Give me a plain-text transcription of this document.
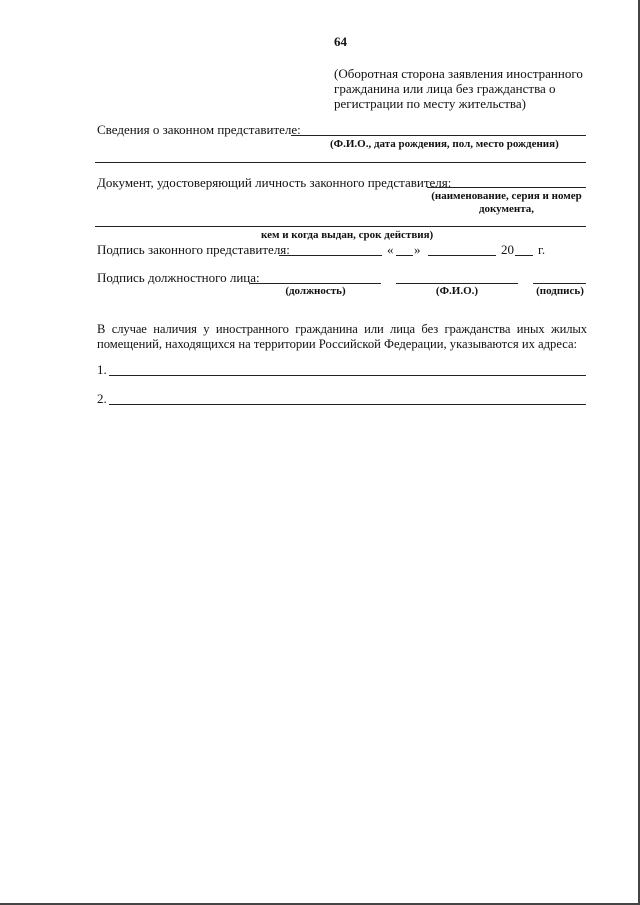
64
(Оборотная сторона заявления иностранного
гражданина или лица без гражданства о
регистрации по месту жительства)
Сведения о законном представителе:
(Ф.И.О., дата рождения, пол, место рождения)
Документ, удостоверяющий личность законного представителя:
(наименование, серия и номер
документа,
кем и когда выдан, срок действия)
Подпись законного представителя:	« »	20 г.
Подпись должностного лица:
(должность)	(Ф.И.О.)	(подпись)
В случае наличия у иностранного гражданина или лица без гражданства иных жилых
помещений, находящихся на территории Российской Федерации, указываются их адреса:
1.
2.
